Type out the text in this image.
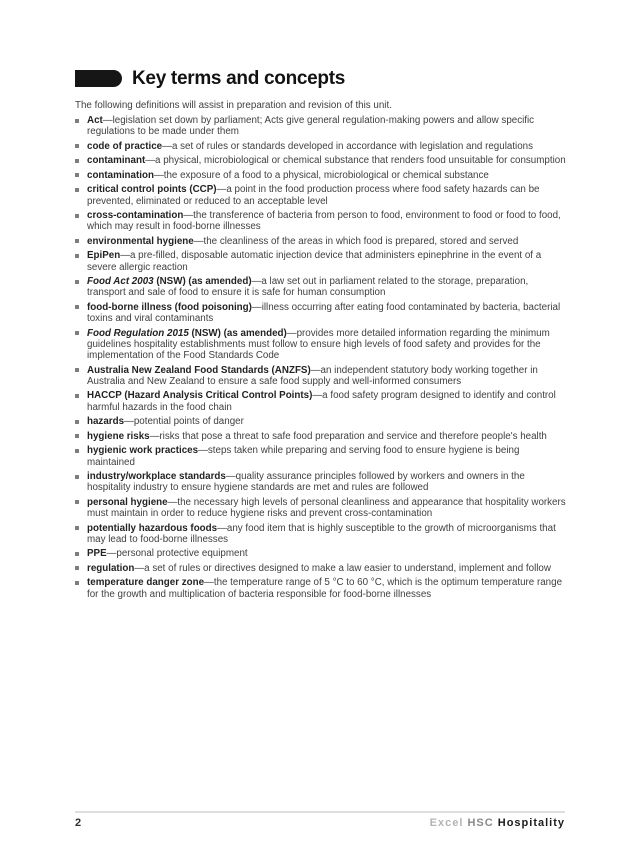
Key terms and concepts

The following definitions will assist in preparation and revision of this unit.

Act—legislation set down by parliament; Acts give general regulation-making powers and allow specific regulations to be made under them
code of practice—a set of rules or standards developed in accordance with legislation and regulations
contaminant—a physical, microbiological or chemical substance that renders food unsuitable for consumption
contamination—the exposure of a food to a physical, microbiological or chemical substance
critical control points (CCP)—a point in the food production process where food safety hazards can be prevented, eliminated or reduced to an acceptable level
cross-contamination—the transference of bacteria from person to food, environment to food or food to food, which may result in food-borne illnesses
environmental hygiene—the cleanliness of the areas in which food is prepared, stored and served
EpiPen—a pre-filled, disposable automatic injection device that administers epinephrine in the event of a severe allergic reaction
Food Act 2003 (NSW) (as amended)—a law set out in parliament related to the storage, preparation, transport and sale of food to ensure it is safe for human consumption
food-borne illness (food poisoning)—illness occurring after eating food contaminated by bacteria, bacterial toxins and viral contaminants
Food Regulation 2015 (NSW) (as amended)—provides more detailed information regarding the minimum guidelines hospitality establishments must follow to ensure high levels of food safety and provides for the implementation of the Food Standards Code
Australia New Zealand Food Standards (ANZFS)—an independent statutory body working together in Australia and New Zealand to ensure a safe food supply and well-informed consumers
HACCP (Hazard Analysis Critical Control Points)—a food safety program designed to identify and control harmful hazards in the food chain
hazards—potential points of danger
hygiene risks—risks that pose a threat to safe food preparation and service and therefore people's health
hygienic work practices—steps taken while preparing and serving food to ensure hygiene is being maintained
industry/workplace standards—quality assurance principles followed by workers and owners in the hospitality industry to ensure hygiene standards are met and rules are followed
personal hygiene—the necessary high levels of personal cleanliness and appearance that hospitality workers must maintain in order to reduce hygiene risks and prevent cross-contamination
potentially hazardous foods—any food item that is highly susceptible to the growth of microorganisms that may lead to food-borne illnesses
PPE—personal protective equipment
regulation—a set of rules or directives designed to make a law easier to understand, implement and follow
temperature danger zone—the temperature range of 5 °C to 60 °C, which is the optimum temperature range for the growth and multiplication of bacteria responsible for food-borne illnesses
2	Excel HSC Hospitality
